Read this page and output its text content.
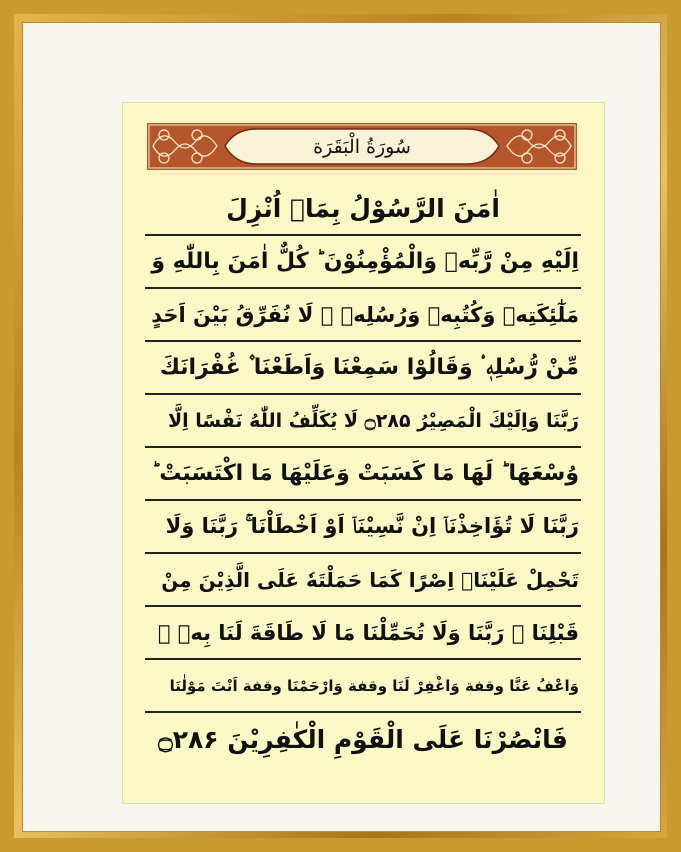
سُورَةُ الْبَقَرَة
اٰمَنَ الرَّسُوْلُ بِمَاۤ اُنْزِلَ
اِلَيْهِ مِنْ رَّبِّهٖ وَالْمُؤْمِنُوْنَ ؕ كُلٌّ اٰمَنَ بِاللّٰهِ وَ
مَلٰٓئِكَتِهٖ وَكُتُبِهٖ وَرُسُلِهٖ ۟ لَا نُفَرِّقُ بَيْنَ اَحَدٍ
مِّنْ رُّسُلِهٖ ۟ وَقَالُوْا سَمِعْنَا وَاَطَعْنَا ۫ غُفْرَانَكَ
رَبَّنَا وَاِلَيْكَ الْمَصِيْرُ ۝۲۸۵ لَا يُكَلِّفُ اللّٰهُ نَفْسًا اِلَّا
وُسْعَهَا ؕ لَهَا مَا كَسَبَتْ وَعَلَيْهَا مَا اكْتَسَبَتْ ؕ
رَبَّنَا لَا تُؤَاخِذْنَاۤ اِنْ نَّسِيْنَاۤ اَوْ اَخْطَاْنَا ۚ رَبَّنَا وَلَا
تَحْمِلْ عَلَيْنَاۤ اِصْرًا كَمَا حَمَلْتَهٗ عَلَى الَّذِيْنَ مِنْ
قَبْلِنَا ۚ رَبَّنَا وَلَا تُحَمِّلْنَا مَا لَا طَاقَةَ لَنَا بِهٖ ۚ
وَاعْفُ عَنَّا وقفة وَاغْفِرْ لَنَا وقفة وَارْحَمْنَا وقفة اَنْتَ مَوْلٰنَا
فَانْصُرْنَا عَلَى الْقَوْمِ الْكٰفِرِيْنَ ۝۲۸۶
